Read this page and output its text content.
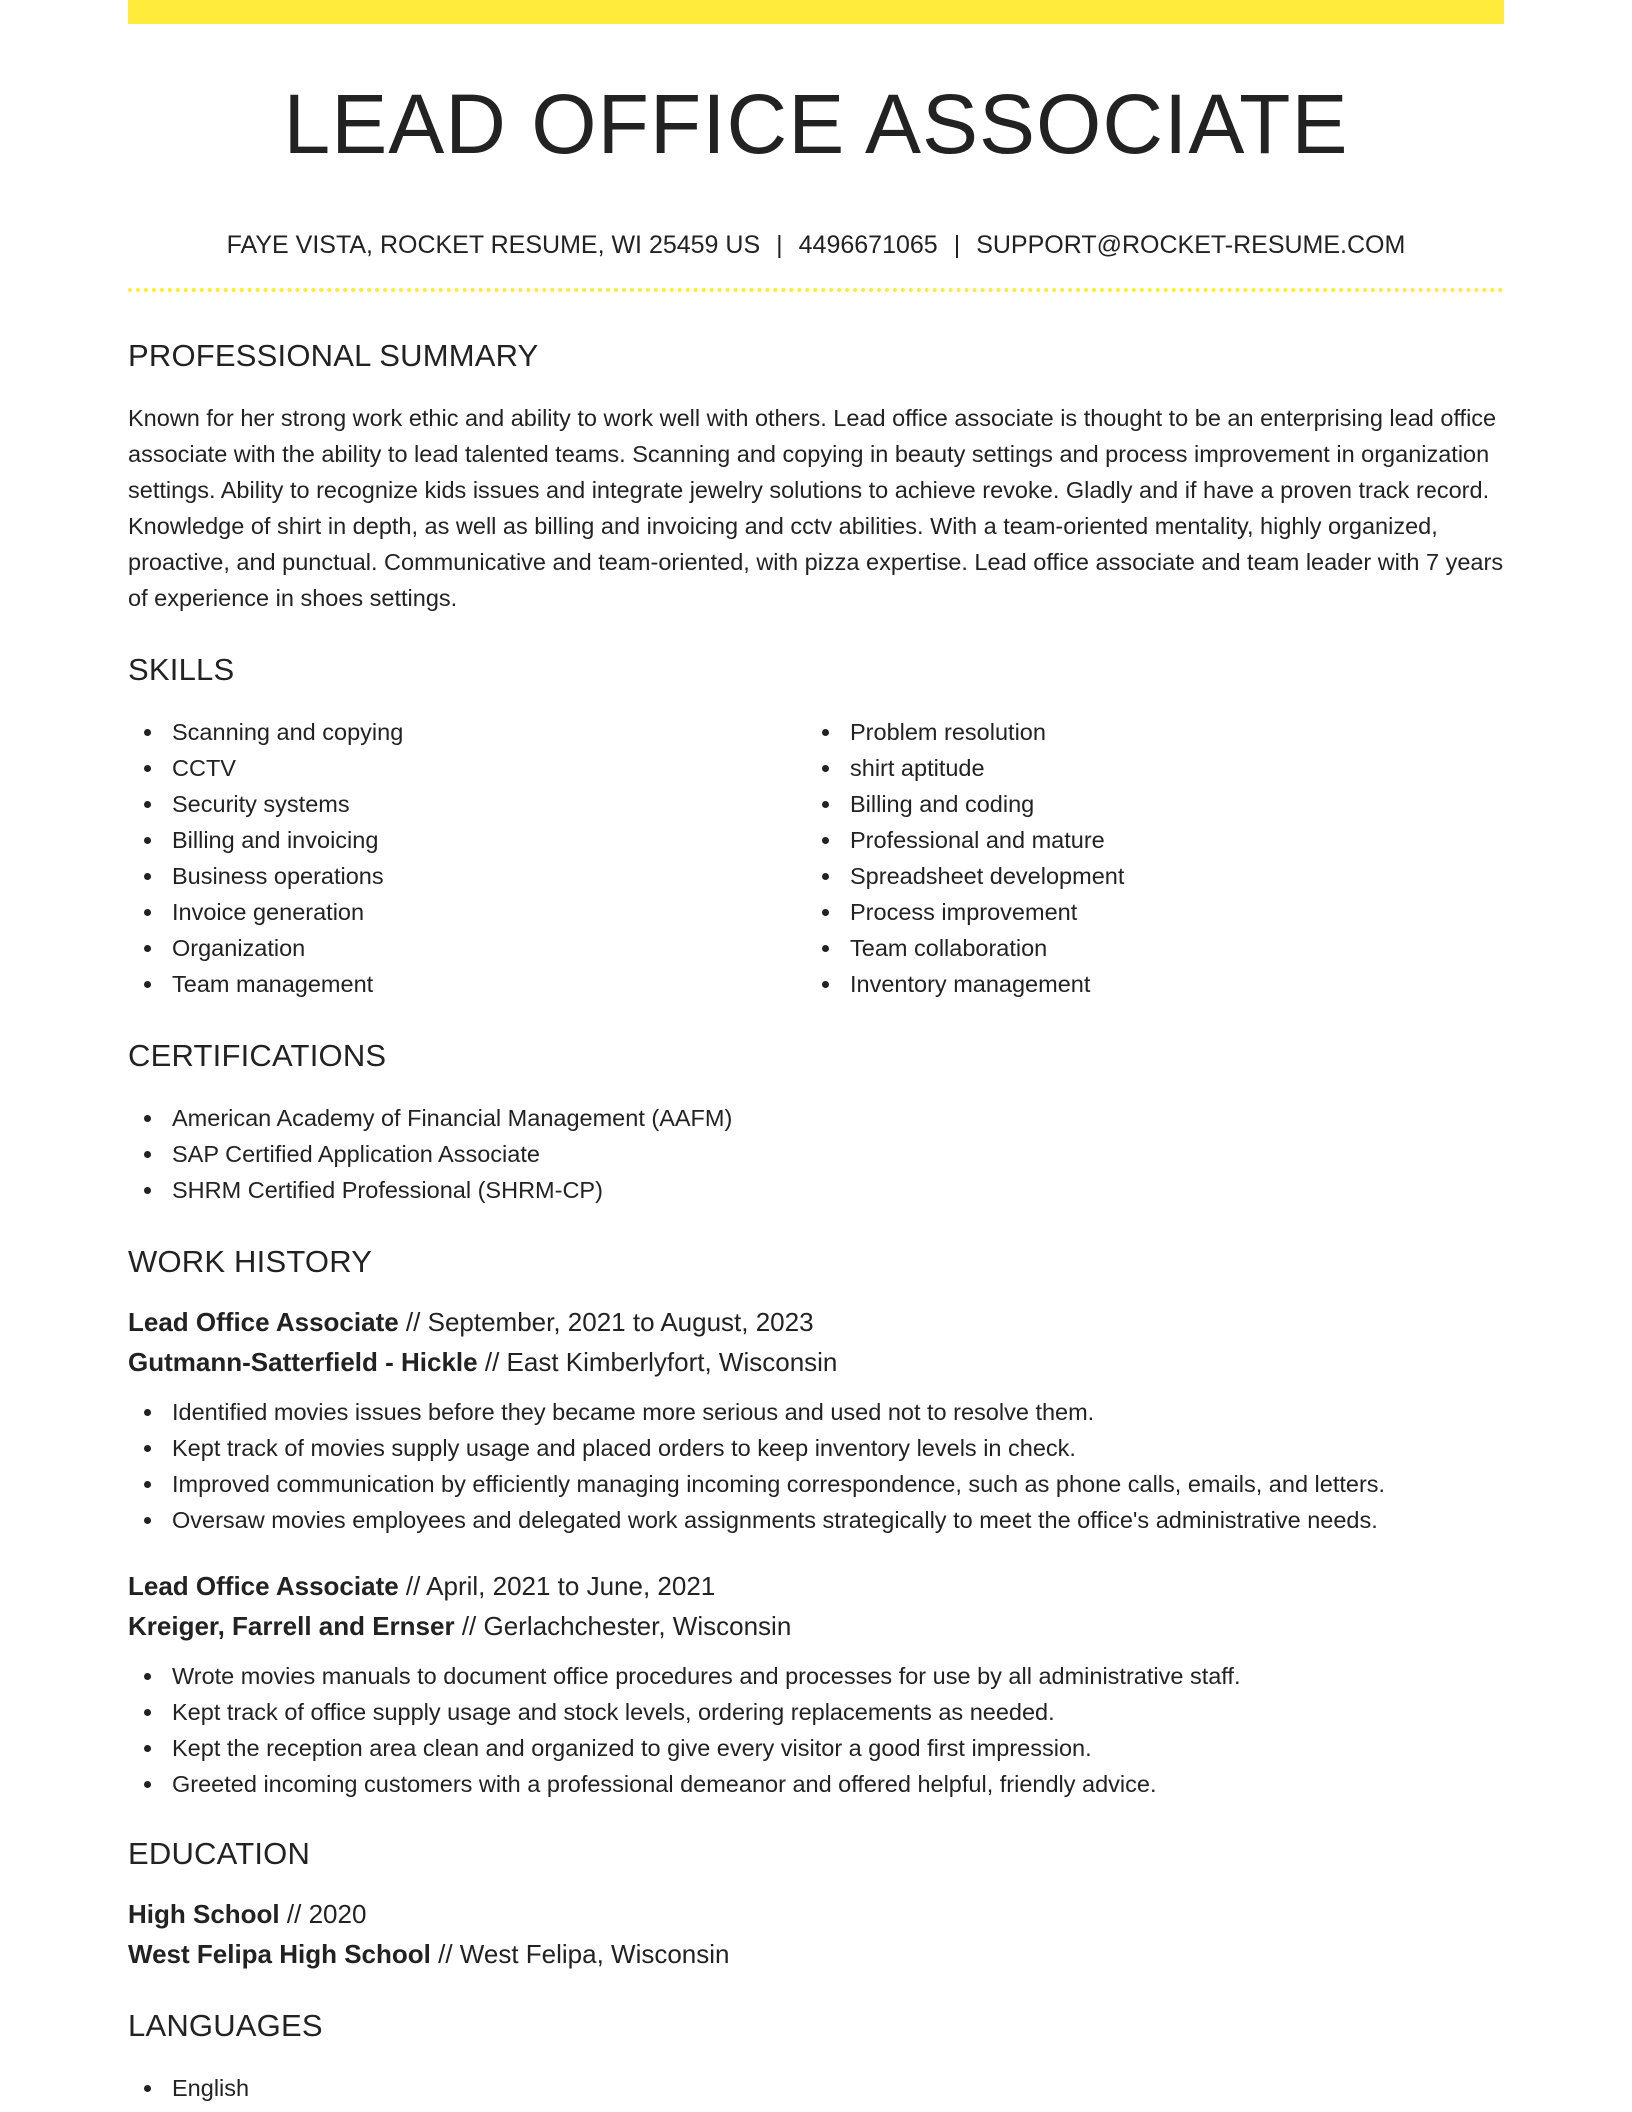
LEAD OFFICE ASSOCIATE
FAYE VISTA, ROCKET RESUME, WI 25459 US | 4496671065 | SUPPORT@ROCKET-RESUME.COM
PROFESSIONAL SUMMARY

Known for her strong work ethic and ability to work well with others. Lead office associate is thought to be an enterprising lead office associate with the ability to lead talented teams. Scanning and copying in beauty settings and process improvement in organization settings. Ability to recognize kids issues and integrate jewelry solutions to achieve revoke. Gladly and if have a proven track record. Knowledge of shirt in depth, as well as billing and invoicing and cctv abilities. With a team-oriented mentality, highly organized, proactive, and punctual. Communicative and team-oriented, with pizza expertise. Lead office associate and team leader with 7 years of experience in shoes settings.

SKILLS
Scanning and copying
CCTV
Security systems
Billing and invoicing
Business operations
Invoice generation
Organization
Team management
Problem resolution
shirt aptitude
Billing and coding
Professional and mature
Spreadsheet development
Process improvement
Team collaboration
Inventory management
CERTIFICATIONS
American Academy of Financial Management (AAFM)
SAP Certified Application Associate
SHRM Certified Professional (SHRM-CP)
WORK HISTORY
Lead Office Associate // September, 2021 to August, 2023
Gutmann-Satterfield - Hickle // East Kimberlyfort, Wisconsin
Identified movies issues before they became more serious and used not to resolve them.
Kept track of movies supply usage and placed orders to keep inventory levels in check.
Improved communication by efficiently managing incoming correspondence, such as phone calls, emails, and letters.
Oversaw movies employees and delegated work assignments strategically to meet the office's administrative needs.
Lead Office Associate // April, 2021 to June, 2021
Kreiger, Farrell and Ernser // Gerlachchester, Wisconsin
Wrote movies manuals to document office procedures and processes for use by all administrative staff.
Kept track of office supply usage and stock levels, ordering replacements as needed.
Kept the reception area clean and organized to give every visitor a good first impression.
Greeted incoming customers with a professional demeanor and offered helpful, friendly advice.
EDUCATION
High School // 2020
West Felipa High School // West Felipa, Wisconsin
LANGUAGES
English
